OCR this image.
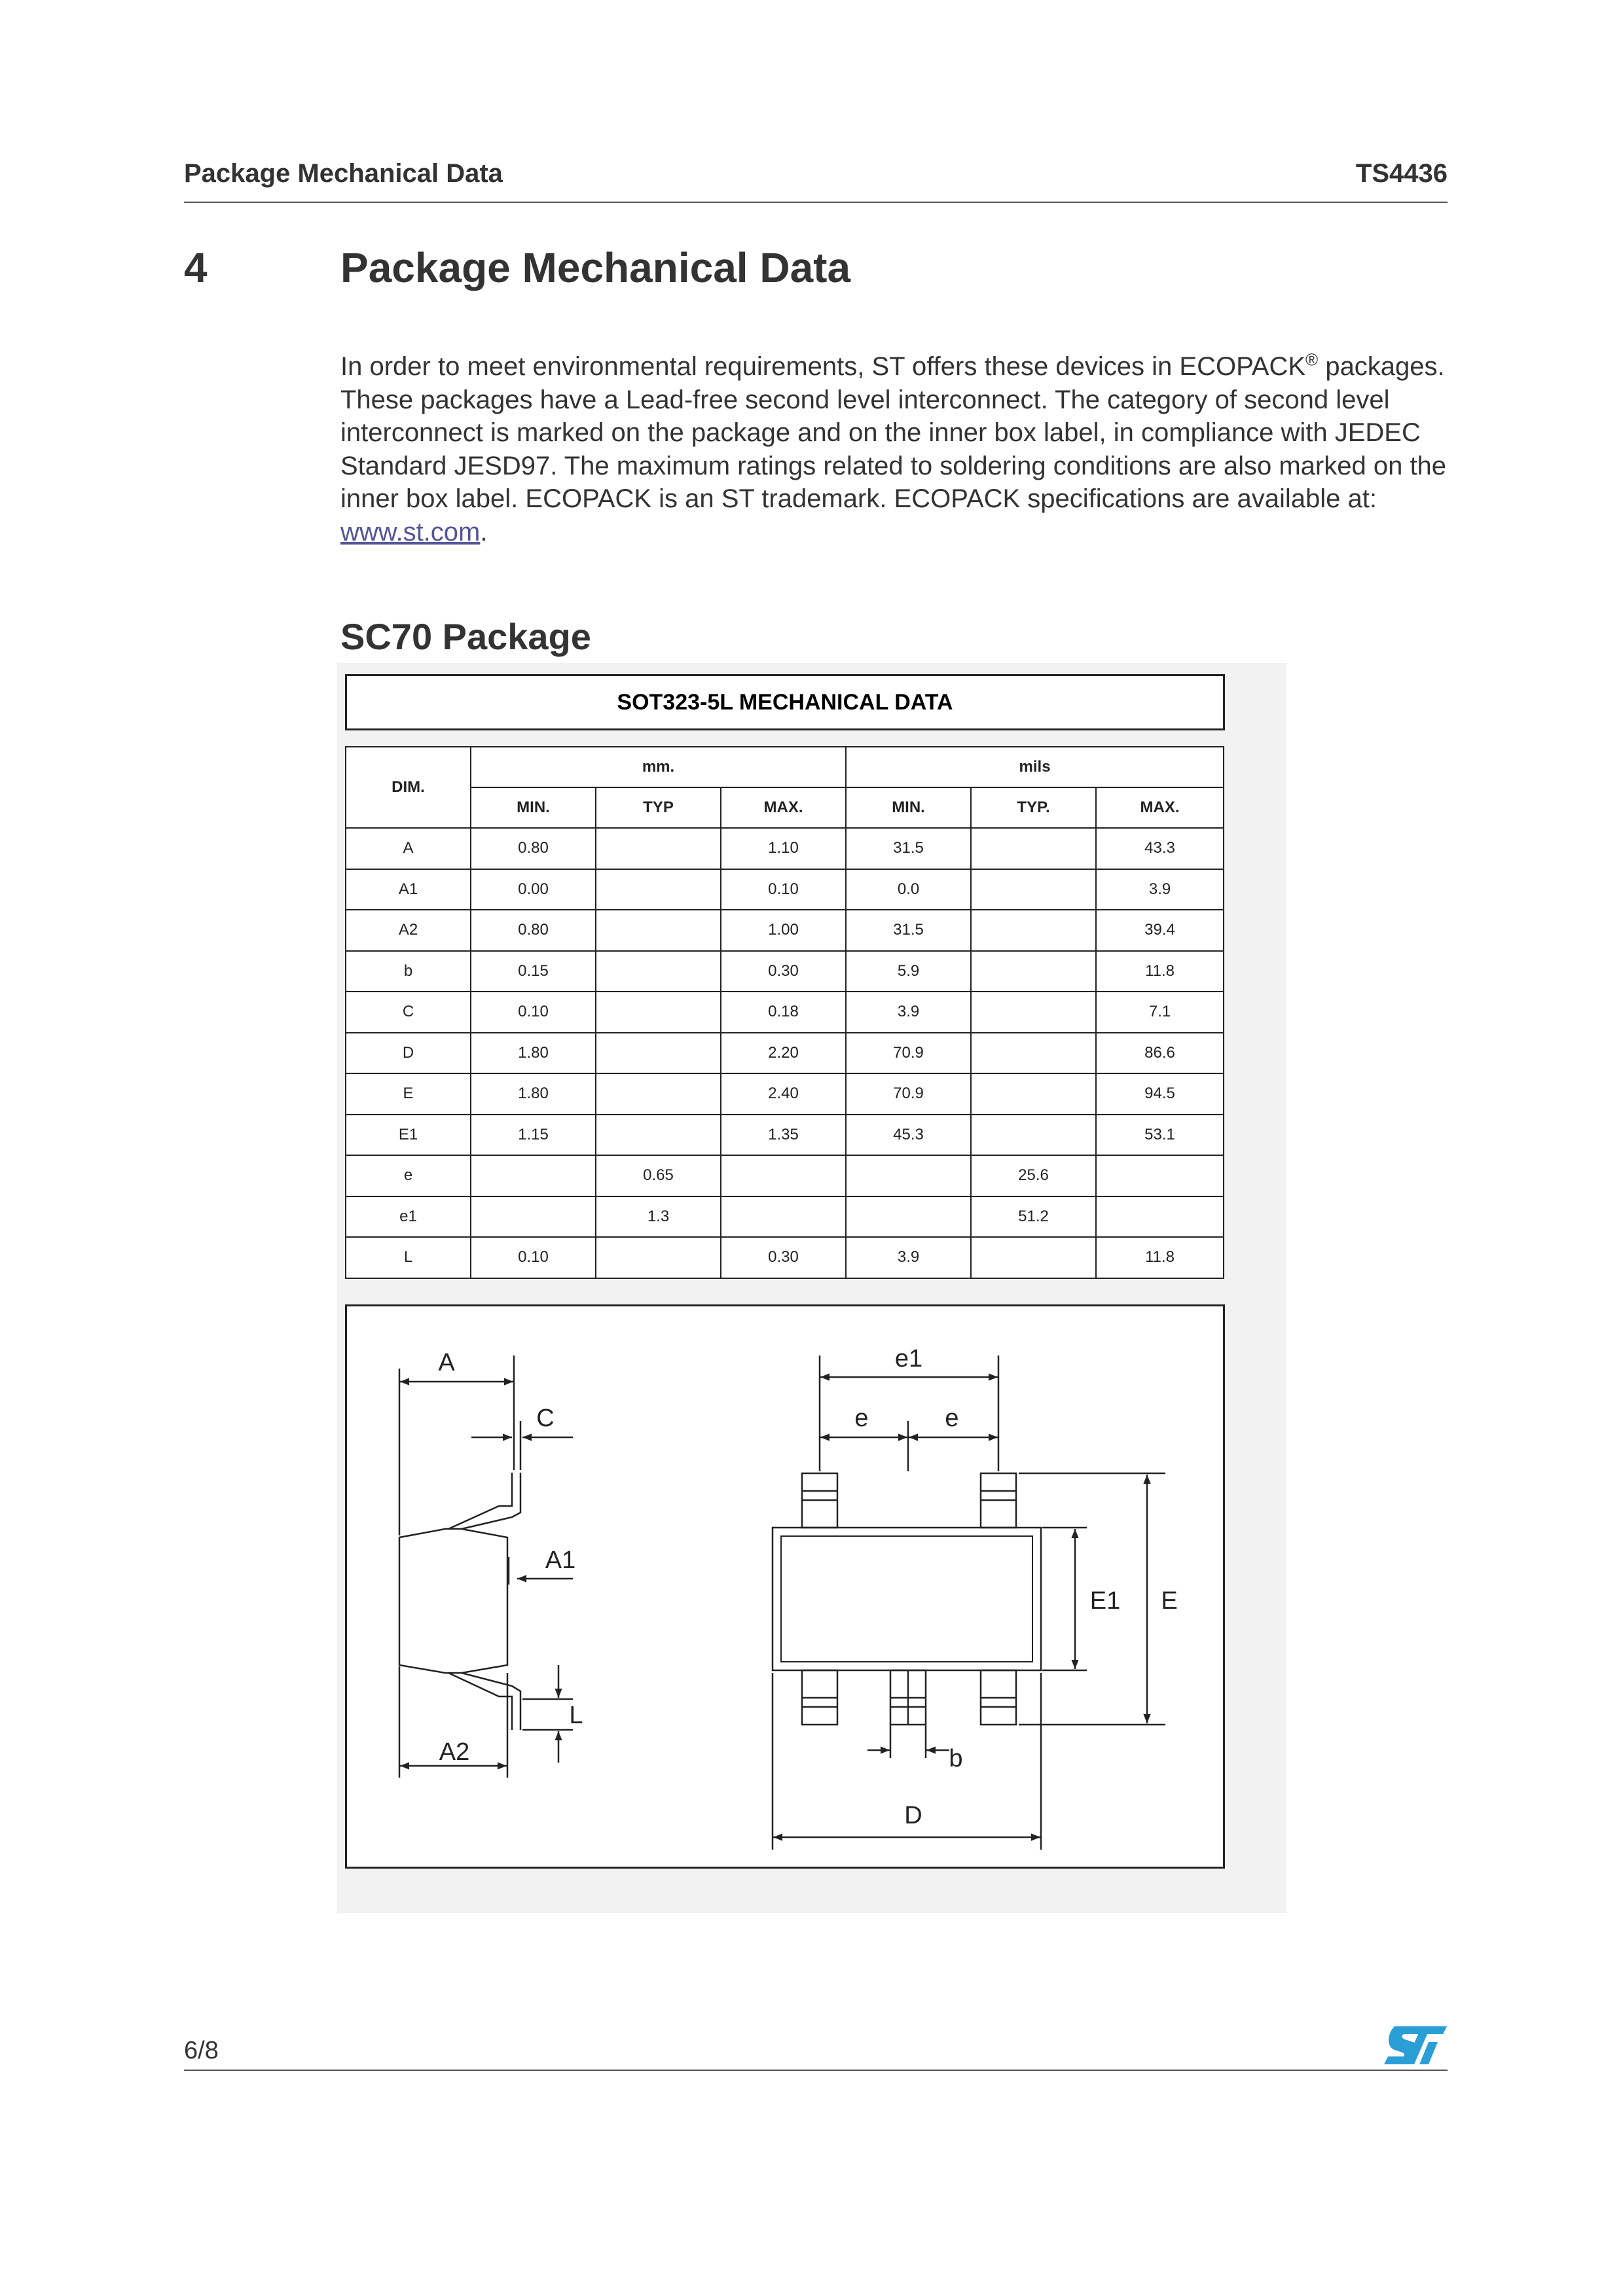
Package Mechanical Data	TS4436
4	Package Mechanical Data
In order to meet environmental requirements, ST offers these devices in ECOPACK® packages. These packages have a Lead-free second level interconnect. The category of second level interconnect is marked on the package and on the inner box label, in compliance with JEDEC Standard JESD97. The maximum ratings related to soldering conditions are also marked on the inner box label. ECOPACK is an ST trademark. ECOPACK specifications are available at: www.st.com.
SC70 Package
SOT323-5L MECHANICAL DATA
DIM.	mm.			mils		
	MIN.	TYP	MAX.	MIN.	TYP.	MAX.
A	0.80		1.10	31.5		43.3
A1	0.00		0.10	0.0		3.9
A2	0.80		1.00	31.5		39.4
b	0.15		0.30	5.9		11.8
C	0.10		0.18	3.9		7.1
D	1.80		2.20	70.9		86.6
E	1.80		2.40	70.9		94.5
E1	1.15		1.35	45.3		53.1
e		0.65			25.6	
e1		1.3			51.2	
L	0.10		0.30	3.9		11.8
A
C
A1
L
A2
e1
e	e
E1 E
b
D
6/8
